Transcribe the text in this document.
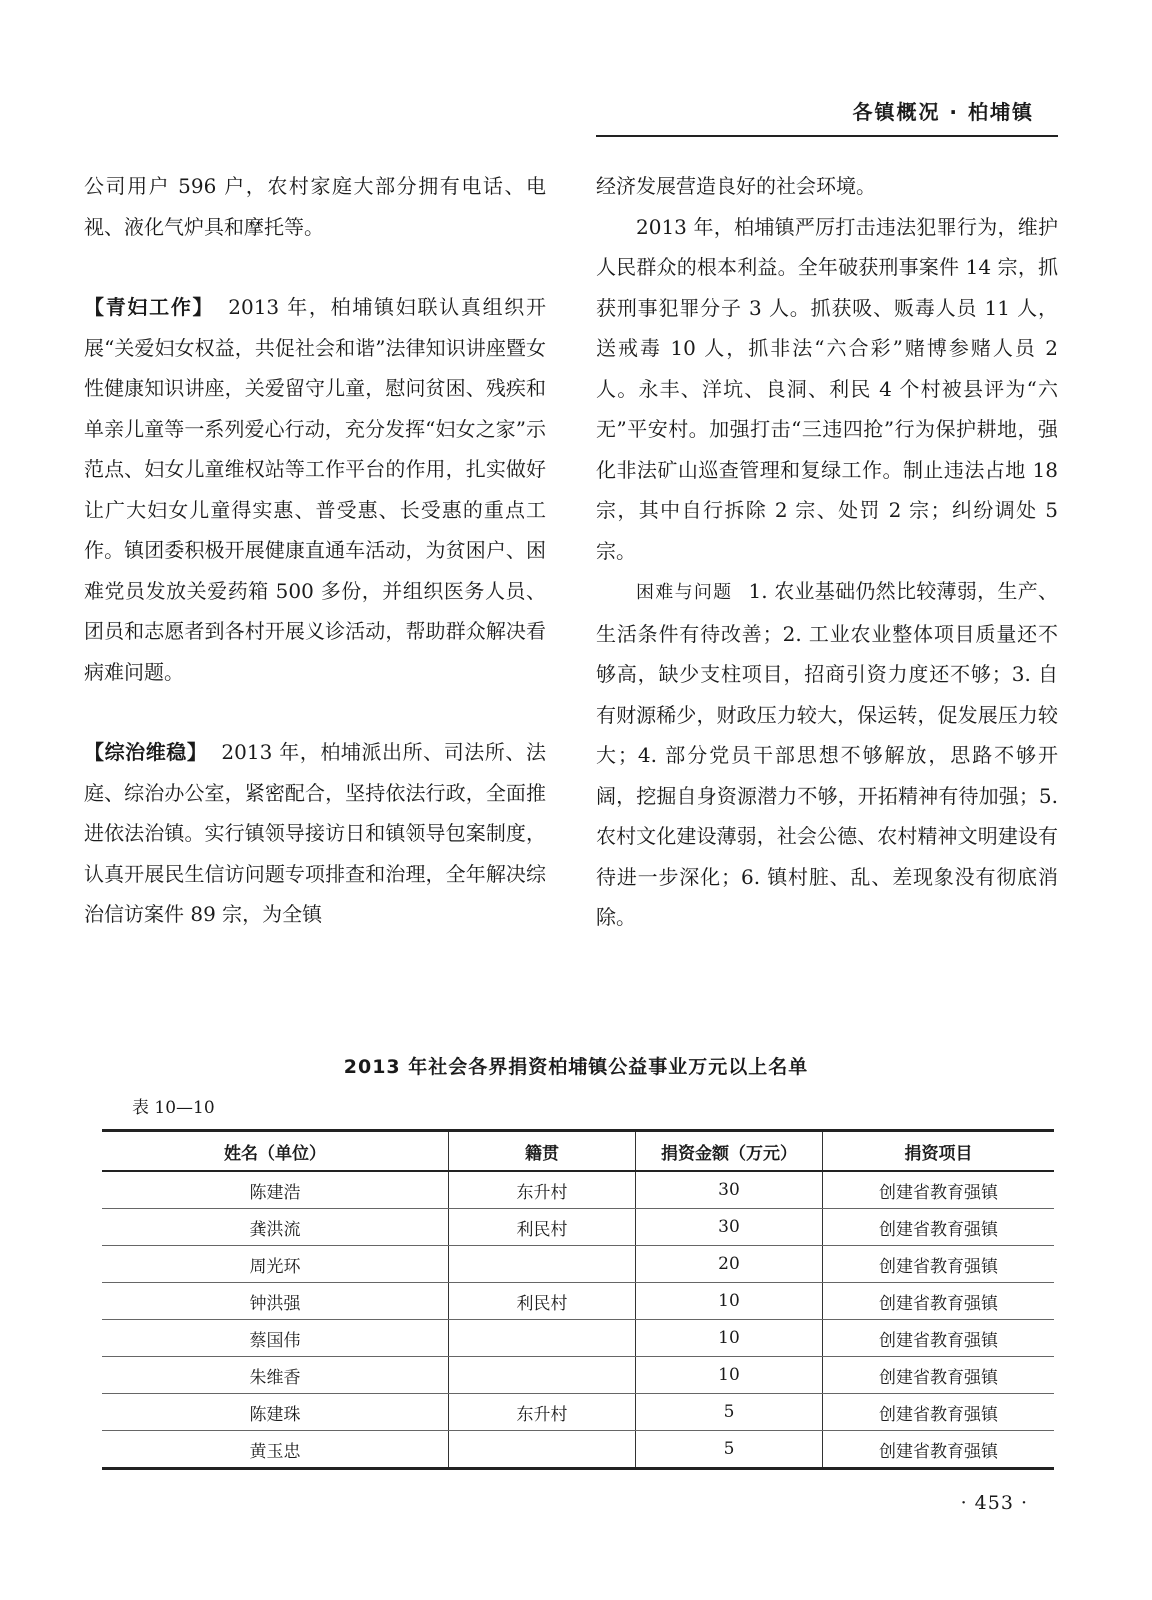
各镇概况 · 柏埔镇

公司用户 596 户，农村家庭大部分拥有电话、电视、液化气炉具和摩托等。

【青妇工作】 2013 年，柏埔镇妇联认真组织开展“关爱妇女权益，共促社会和谐”法律知识讲座暨女性健康知识讲座，关爱留守儿童，慰问贫困、残疾和单亲儿童等一系列爱心行动，充分发挥“妇女之家”示范点、妇女儿童维权站等工作平台的作用，扎实做好让广大妇女儿童得实惠、普受惠、长受惠的重点工作。镇团委积极开展健康直通车活动，为贫困户、困难党员发放关爱药箱 500 多份，并组织医务人员、团员和志愿者到各村开展义诊活动，帮助群众解决看病难问题。

【综治维稳】 2013 年，柏埔派出所、司法所、法庭、综治办公室，紧密配合，坚持依法行政，全面推进依法治镇。实行镇领导接访日和镇领导包案制度，认真开展民生信访问题专项排查和治理，全年解决综治信访案件 89 宗，为全镇

经济发展营造良好的社会环境。

2013 年，柏埔镇严厉打击违法犯罪行为，维护人民群众的根本利益。全年破获刑事案件 14 宗，抓获刑事犯罪分子 3 人。抓获吸、贩毒人员 11 人，送戒毒 10 人，抓非法“六合彩”赌博参赌人员 2 人。永丰、洋坑、良洞、利民 4 个村被县评为“六无”平安村。加强打击“三违四抢”行为保护耕地，强化非法矿山巡查管理和复绿工作。制止违法占地 18 宗，其中自行拆除 2 宗、处罚 2 宗；纠纷调处 5 宗。

困难与问题 1. 农业基础仍然比较薄弱，生产、生活条件有待改善；2. 工业农业整体项目质量还不够高，缺少支柱项目，招商引资力度还不够；3. 自有财源稀少，财政压力较大，保运转，促发展压力较大；4. 部分党员干部思想不够解放，思路不够开阔，挖掘自身资源潜力不够，开拓精神有待加强；5. 农村文化建设薄弱，社会公德、农村精神文明建设有待进一步深化；6. 镇村脏、乱、差现象没有彻底消除。

2013 年社会各界捐资柏埔镇公益事业万元以上名单
表 10—10
姓名（单位）	籍贯	捐资金额（万元）	捐资项目
陈建浩	东升村	30	创建省教育强镇
龚洪流	利民村	30	创建省教育强镇
周光环		20	创建省教育强镇
钟洪强	利民村	10	创建省教育强镇
蔡国伟		10	创建省教育强镇
朱维香		10	创建省教育强镇
陈建珠	东升村	5	创建省教育强镇
黄玉忠		5	创建省教育强镇
· 453 ·
